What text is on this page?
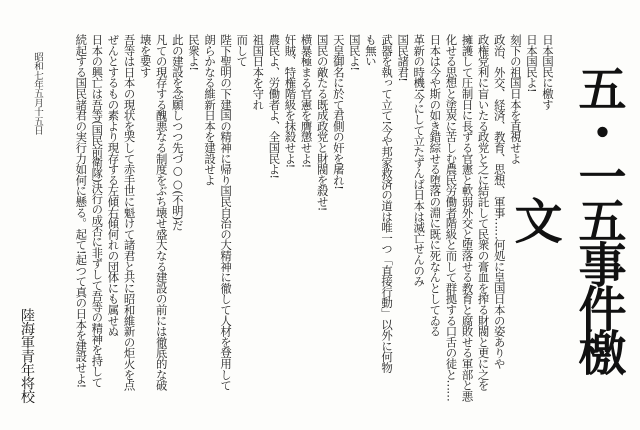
五・一五事件檄文
日本国民に檄す
日本国民よ!
刻下の祖国日本を直視せよ
政治、外交、経済、教育、思想、軍事……何処に皇国日本の姿ありや
政権党利に盲いたる政党と之に結託して民衆の膏血を搾る財閥と更に之を
擁護して圧制日に長ずる官憲と軟弱外交と堕落せる教育と腐敗せる軍部と悪
化せる思想と塗炭に苦しむ農民労働者階級と而して群拠する口舌の徒と……
日本は今や斯の如き錯綜せる堕落の淵に既に死なんとしてゐる
革新の時機!今にして立たずんば日本は滅亡せんのみ
国民諸君!
武器を執って立て!今や邦家救済の道は唯一つ「直接行動」以外に何物
も無い
国民よ!
天皇御名に於て君側の奸を屠れ!
国民の敵たる既成政党と財閥を殺せ!
横暴極まる官憲を膺懲せよ!
奸賊、特権階級を抹殺せよ!
農民よ、労働者よ、全国民よ!
祖国日本を守れ
而して
陛下聖明の下建国の精神に帰り国民自治の大精神に徹して人材を登用して
朗らかなる維新日本を建設せよ
民衆よ!
此の建設を念願しつつ先づ○○(不明)だ
凡ての現存する醜悪なる制度をぶち壊せ盛大なる建設の前には徹底的な破
壊を要す
吾等は日本の現状を哭して赤手世に魁けて諸君と共に昭和維新の炬火を点
ぜんとするもの素より現存する左傾右傾何れの団体にも属せぬ
日本の興亡は吾等(国民前衛隊)決行の成否に非ずして吾等の精神を持して
続起する国民諸君の実行力如何に懸る。起て!起つて真の日本を建設せよ!
昭和七年五月十五日
陸海軍青年将校
